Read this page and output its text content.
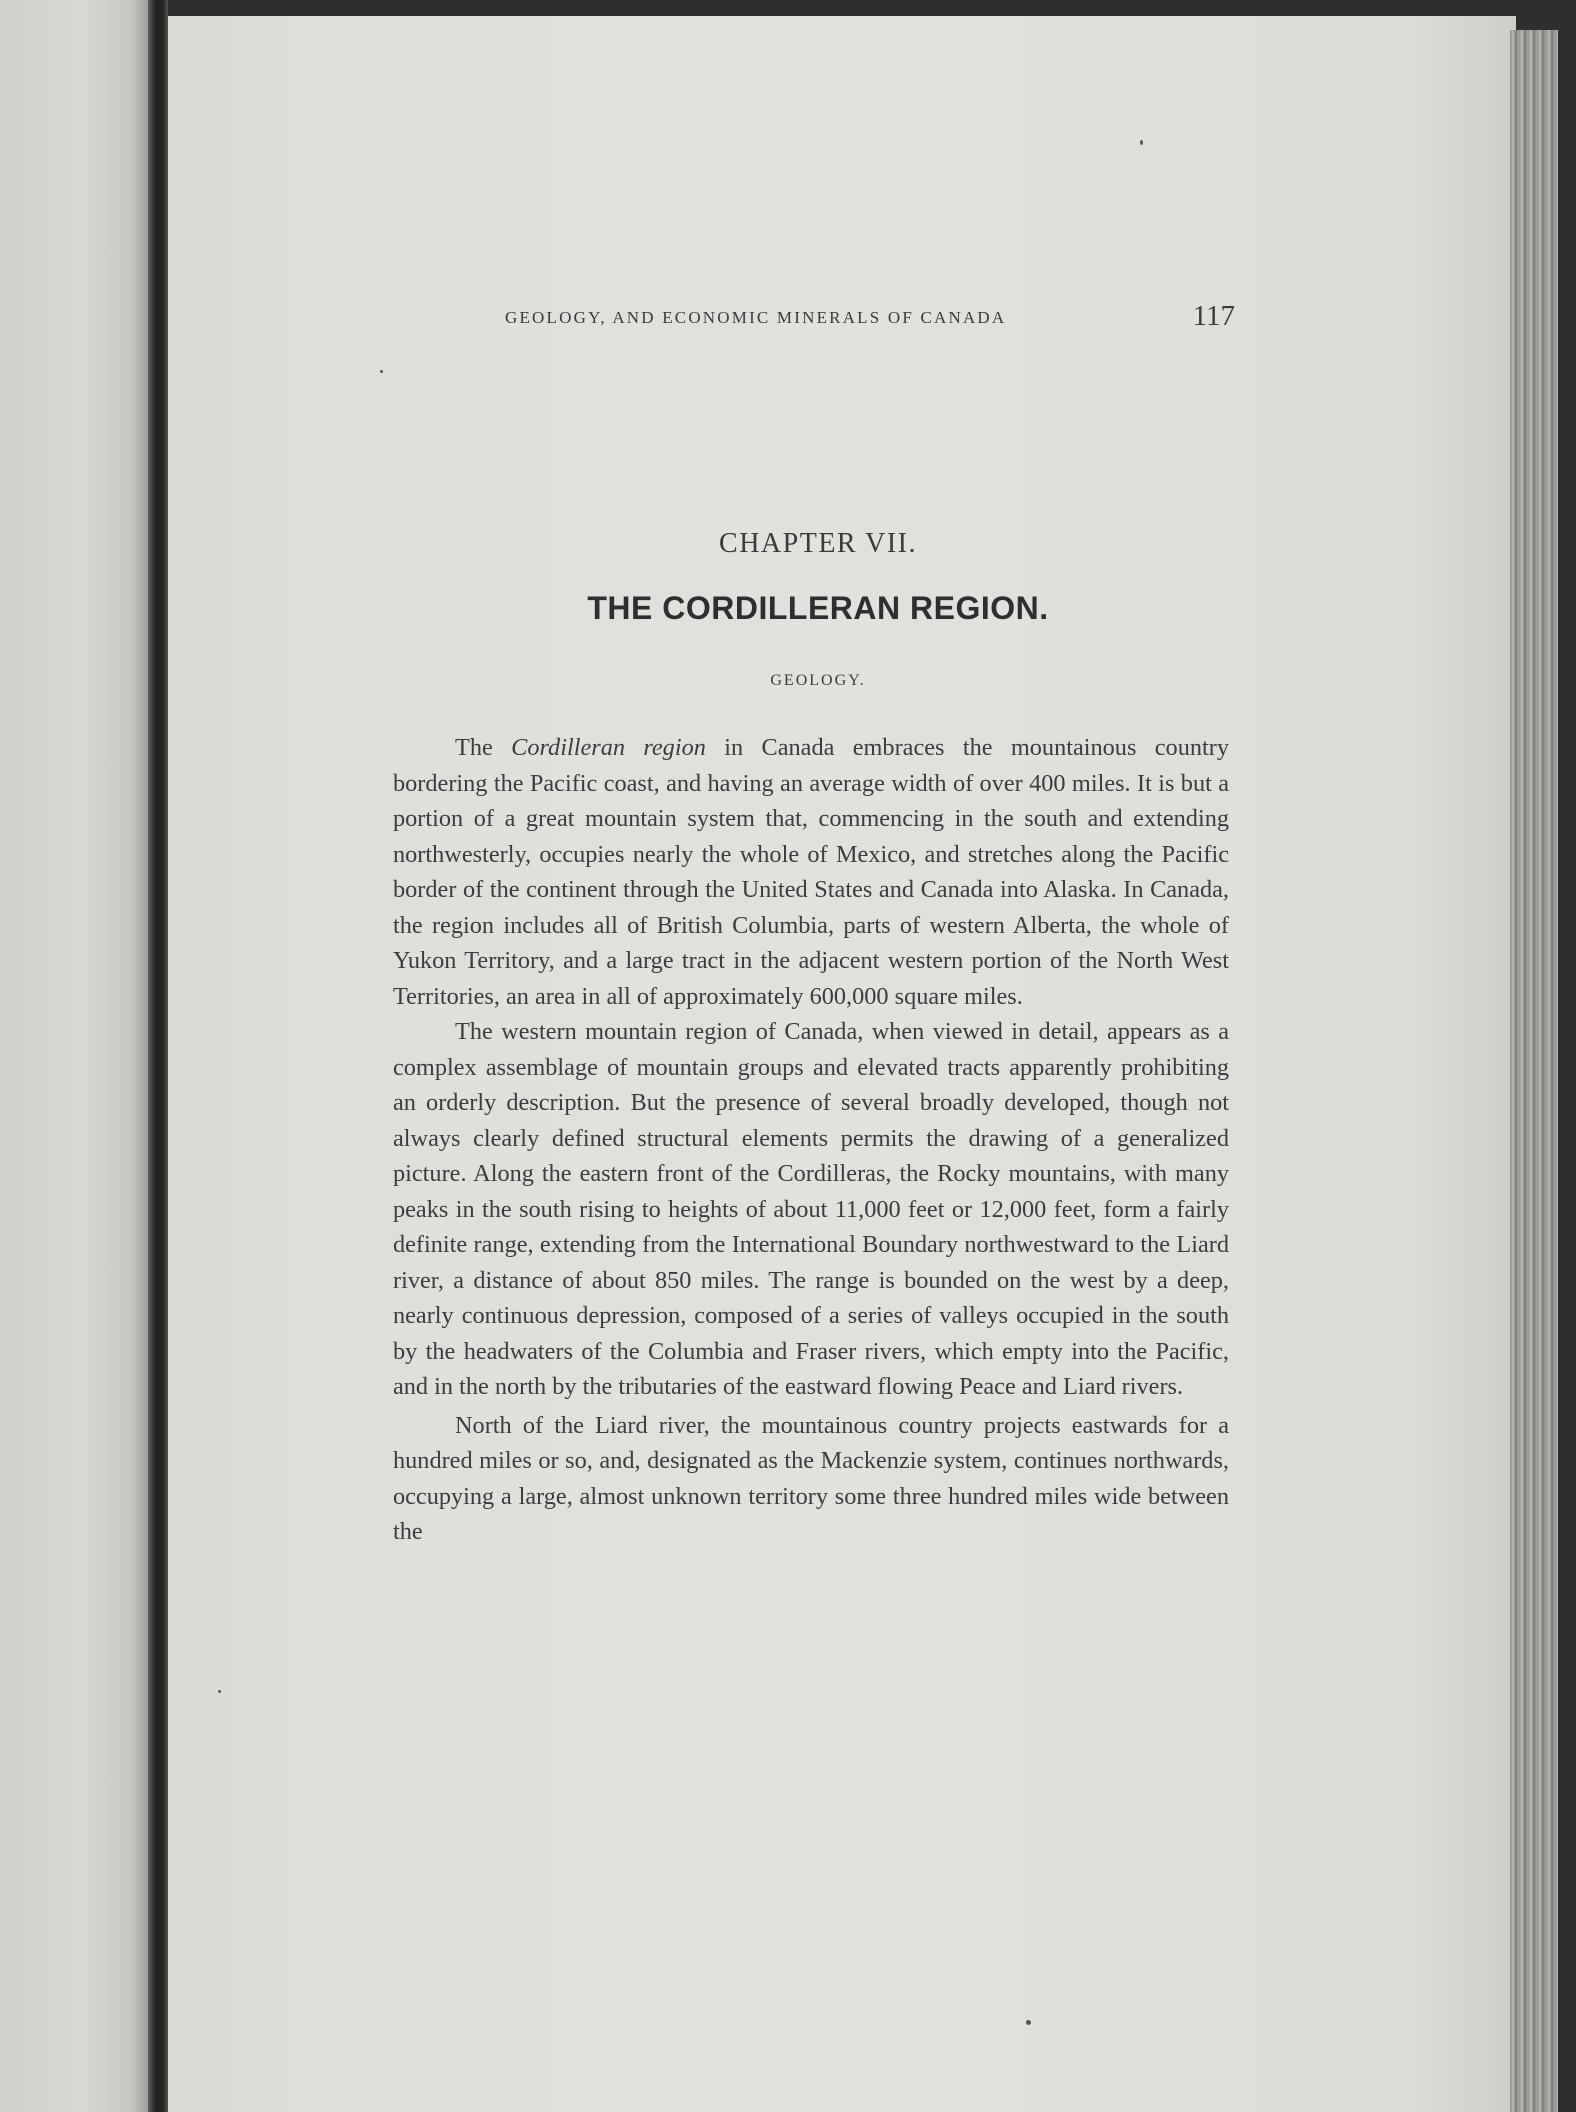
GEOLOGY, AND ECONOMIC MINERALS OF CANADA	117
CHAPTER VII.
THE CORDILLERAN REGION.
GEOLOGY.

The Cordilleran region in Canada embraces the mountainous country bordering the Pacific coast, and having an average width of over 400 miles. It is but a portion of a great mountain system that, commencing in the south and extending northwesterly, occupies nearly the whole of Mexico, and stretches along the Pacific border of the continent through the United States and Canada into Alaska. In Canada, the region includes all of British Columbia, parts of western Alberta, the whole of Yukon Territory, and a large tract in the adjacent western portion of the North West Territories, an area in all of approximately 600,000 square miles.

The western mountain region of Canada, when viewed in detail, appears as a complex assemblage of mountain groups and elevated tracts apparently prohibiting an orderly description. But the presence of several broadly developed, though not always clearly defined structural elements permits the drawing of a generalized picture. Along the eastern front of the Cordilleras, the Rocky mountains, with many peaks in the south rising to heights of about 11,000 feet or 12,000 feet, form a fairly definite range, extending from the International Boundary northwestward to the Liard river, a distance of about 850 miles. The range is bounded on the west by a deep, nearly continuous depression, composed of a series of valleys occupied in the south by the headwaters of the Columbia and Fraser rivers, which empty into the Pacific, and in the north by the tributaries of the eastward flowing Peace and Liard rivers.

North of the Liard river, the mountainous country projects eastwards for a hundred miles or so, and, designated as the Mackenzie system, continues northwards, occupying a large, almost unknown territory some three hundred miles wide between the
